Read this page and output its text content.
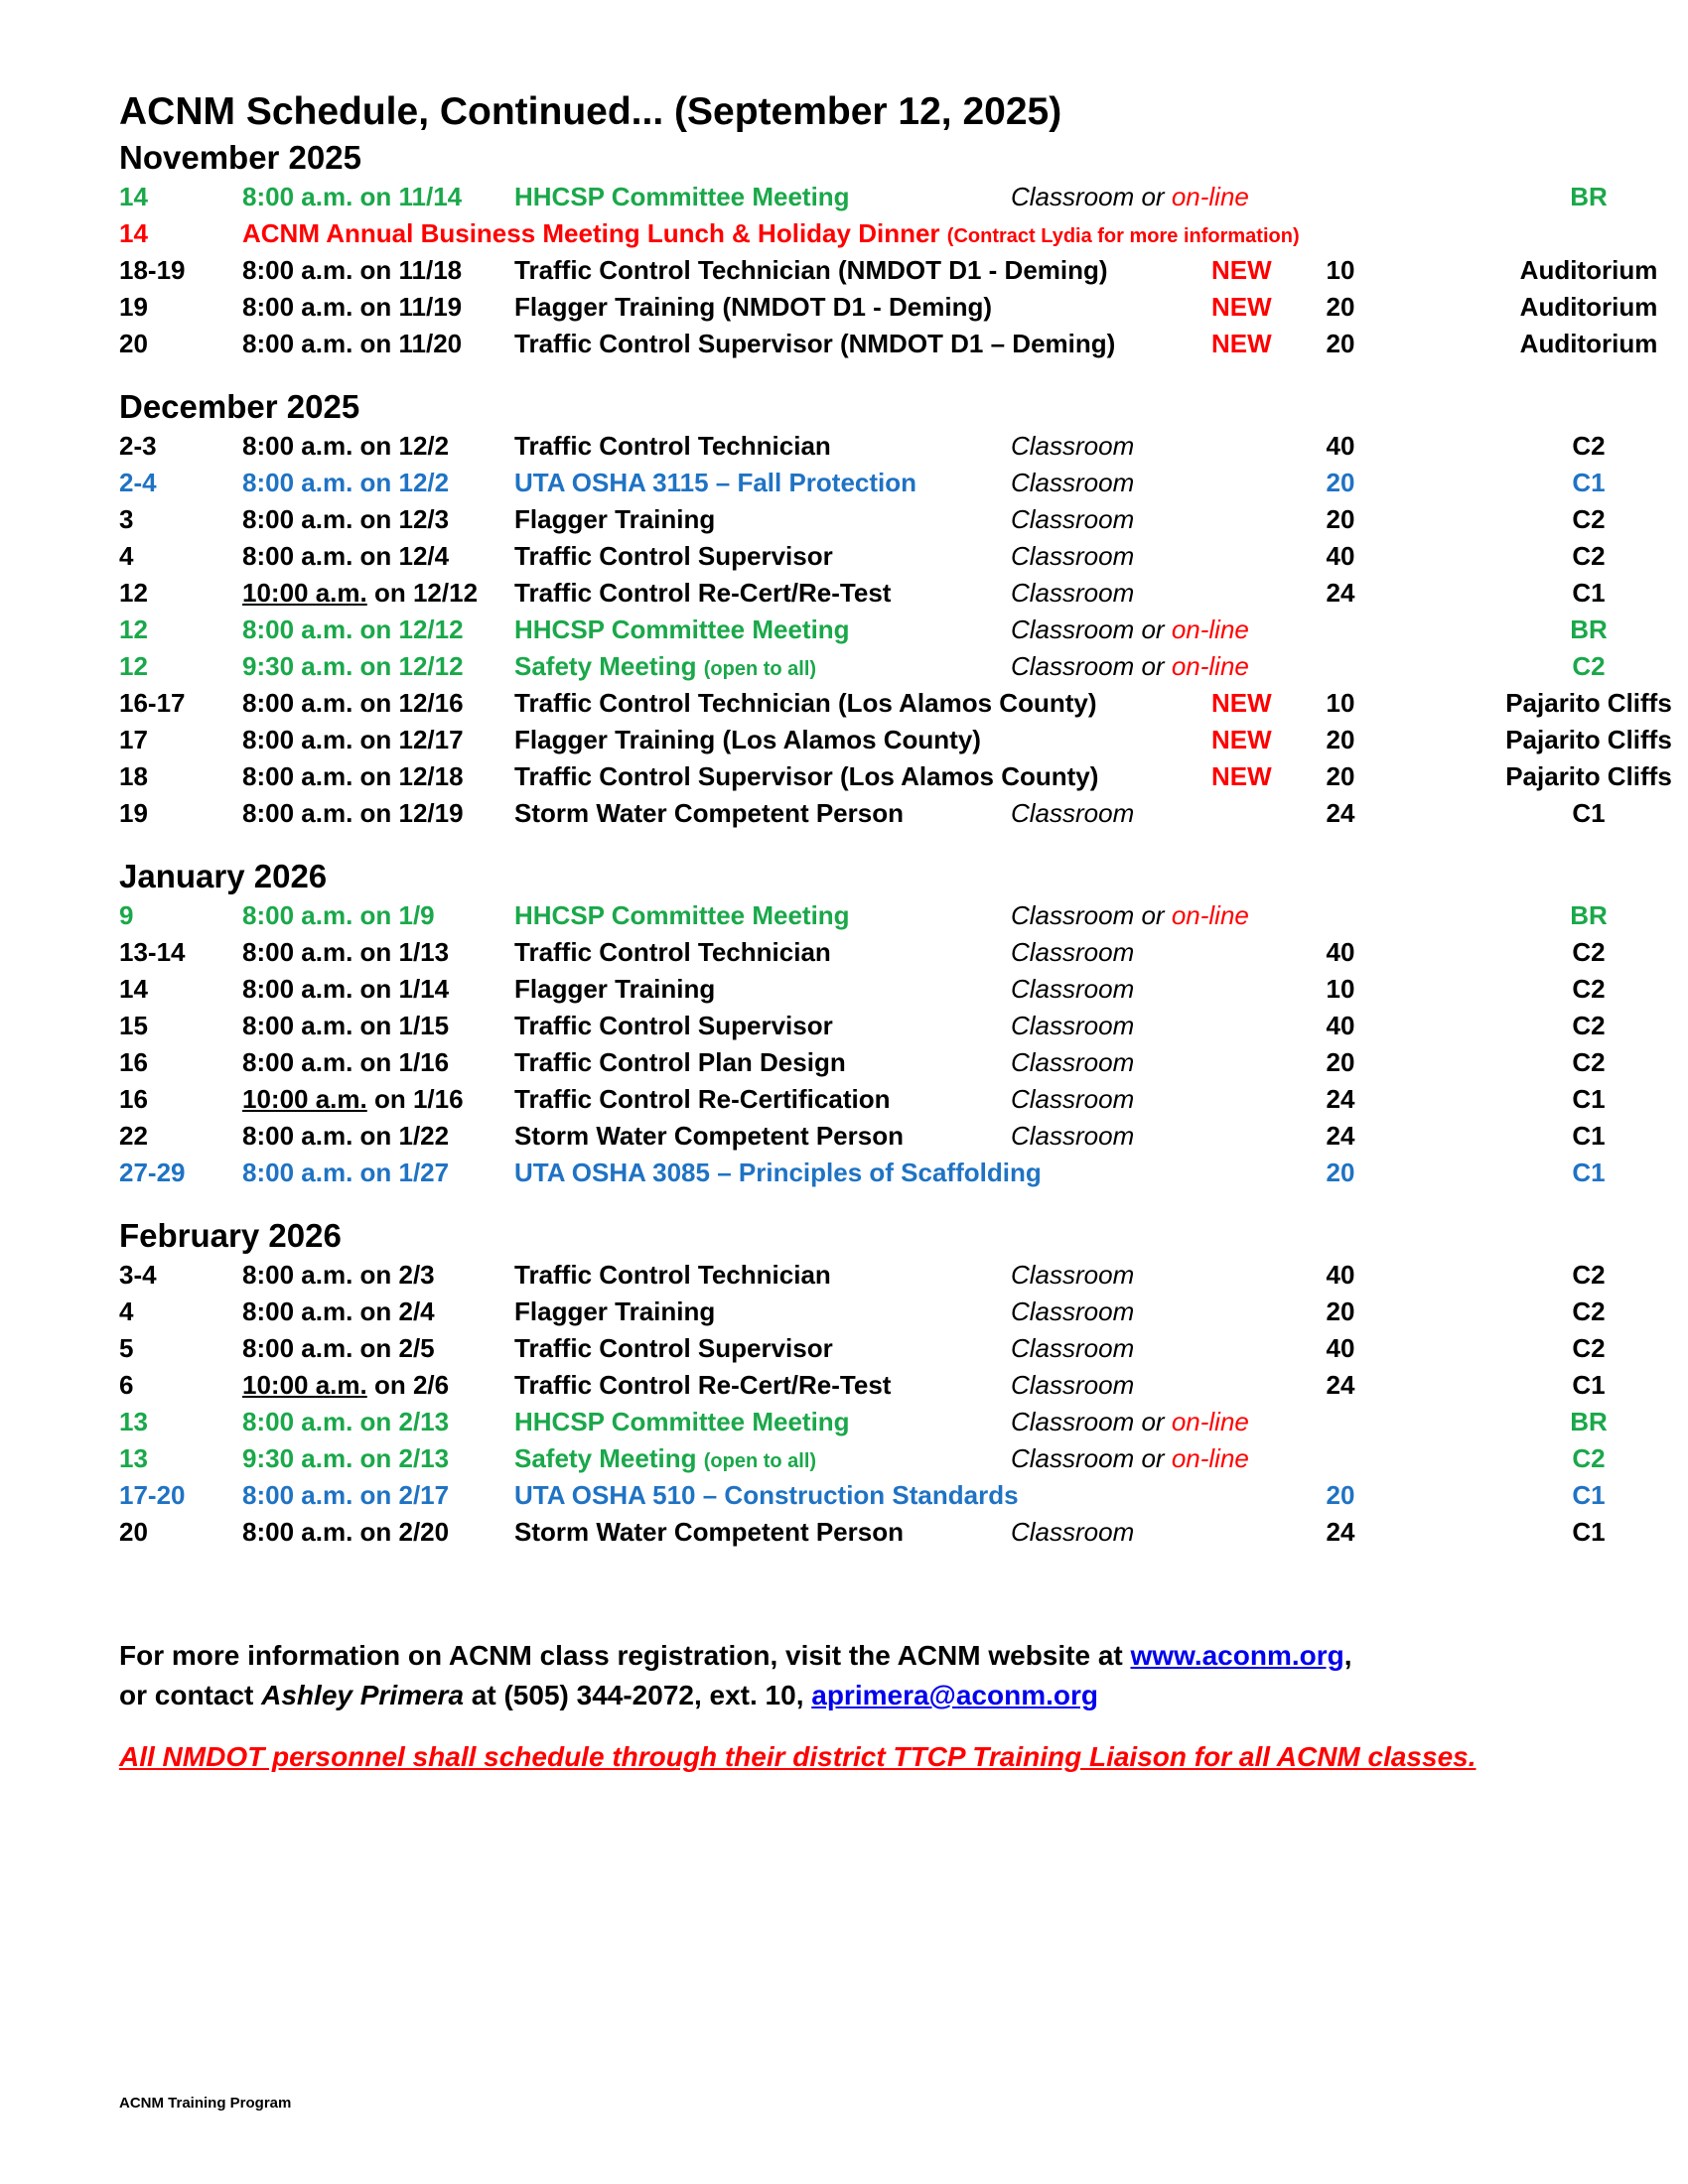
ACNM Schedule, Continued... (September 12, 2025)
November 2025
14	8:00 a.m. on 11/14 HHCSP Committee Meeting	Classroom or on-line	BR
14	ACNM Annual Business Meeting Lunch & Holiday Dinner (Contract Lydia for more information)
18-19 8:00 a.m. on 11/18 Traffic Control Technician (NMDOT D1 - Deming)	NEW	10	Auditorium
19	8:00 a.m. on 11/19 Flagger Training (NMDOT D1 - Deming)	NEW	20	Auditorium
20	8:00 a.m. on 11/20 Traffic Control Supervisor (NMDOT D1 – Deming)	NEW	20	Auditorium
December 2025
2-3	8:00 a.m. on 12/2	Traffic Control Technician	Classroom	40	C2
2-4	8:00 a.m. on 12/2	UTA OSHA 3115 – Fall Protection	Classroom	20	C1
3	8:00 a.m. on 12/3	Flagger Training	Classroom	20	C2
4	8:00 a.m. on 12/4	Traffic Control Supervisor	Classroom	40	C2
12	10:00 a.m. on 12/12 Traffic Control Re-Cert/Re-Test	Classroom	24	C1
12	8:00 a.m. on 12/12 HHCSP Committee Meeting	Classroom or on-line	BR
12	9:30 a.m. on 12/12 Safety Meeting (open to all)	Classroom or on-line	C2
16-17 8:00 a.m. on 12/16 Traffic Control Technician (Los Alamos County)	NEW	10	Pajarito Cliffs
17	8:00 a.m. on 12/17 Flagger Training (Los Alamos County)	NEW	20	Pajarito Cliffs
18	8:00 a.m. on 12/18 Traffic Control Supervisor (Los Alamos County)	NEW	20	Pajarito Cliffs
19	8:00 a.m. on 12/19 Storm Water Competent Person	Classroom	24	C1
January 2026
9	8:00 a.m. on 1/9	HHCSP Committee Meeting	Classroom or on-line	BR
13-14 8:00 a.m. on 1/13	Traffic Control Technician	Classroom	40	C2
14	8:00 a.m. on 1/14	Flagger Training	Classroom	10	C2
15	8:00 a.m. on 1/15	Traffic Control Supervisor	Classroom	40	C2
16	8:00 a.m. on 1/16	Traffic Control Plan Design	Classroom	20	C2
16	10:00 a.m. on 1/16 Traffic Control Re-Certification	Classroom	24	C1
22	8:00 a.m. on 1/22	Storm Water Competent Person	Classroom	24	C1
27-29 8:00 a.m. on 1/27	UTA OSHA 3085 – Principles of Scaffolding	20	C1
February 2026
3-4	8:00 a.m. on 2/3	Traffic Control Technician	Classroom	40	C2
4	8:00 a.m. on 2/4	Flagger Training	Classroom	20	C2
5	8:00 a.m. on 2/5	Traffic Control Supervisor	Classroom	40	C2
6	10:00 a.m. on 2/6	Traffic Control Re-Cert/Re-Test	Classroom	24	C1
13	8:00 a.m. on 2/13	HHCSP Committee Meeting	Classroom or on-line	BR
13	9:30 a.m. on 2/13	Safety Meeting (open to all)	Classroom or on-line	C2
17-20 8:00 a.m. on 2/17	UTA OSHA 510 – Construction Standards	20	C1
20	8:00 a.m. on 2/20	Storm Water Competent Person	Classroom	24	C1
For more information on ACNM class registration, visit the ACNM website at www.aconm.org,
or contact Ashley Primera at (505) 344-2072, ext. 10, aprimera@aconm.org
All NMDOT personnel shall schedule through their district TTCP Training Liaison for all ACNM classes.
ACNM Training Program
